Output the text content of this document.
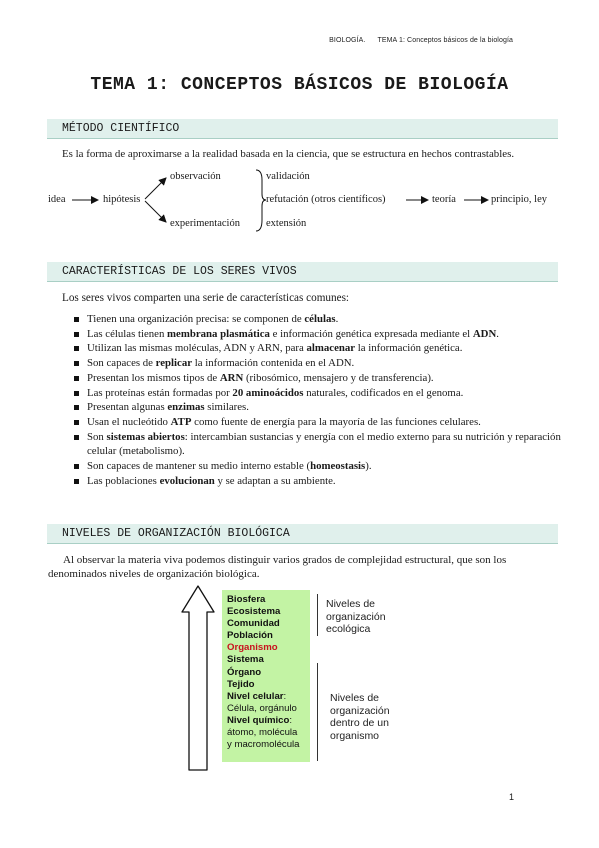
BIOLOGÍA. TEMA 1: Conceptos básicos de la biología
TEMA 1: CONCEPTOS BÁSICOS DE BIOLOGÍA
MÉTODO CIENTÍFICO
Es la forma de aproximarse a la realidad basada en la ciencia, que se estructura en hechos contrastables.
idea	hipótesis
observación
experimentación
validación
refutación (otros científicos)
extensión
teoría	principio, ley
CARACTERÍSTICAS DE LOS SERES VIVOS
Los seres vivos comparten una serie de características comunes:
Tienen una organización precisa: se componen de células.
Las células tienen membrana plasmática e información genética expresada mediante el ADN.
Utilizan las mismas moléculas, ADN y ARN, para almacenar la información genética.
Son capaces de replicar la información contenida en el ADN.
Presentan los mismos tipos de ARN (ribosómico, mensajero y de transferencia).
Las proteínas están formadas por 20 aminoácidos naturales, codificados en el genoma.
Presentan algunas enzimas similares.
Usan el nucleótido ATP como fuente de energía para la mayoría de las funciones celulares.
Son sistemas abiertos: intercambian sustancias y energía con el medio externo para su nutrición y reparación celular (metabolismo).
Son capaces de mantener su medio interno estable (homeostasis).
Las poblaciones evolucionan y se adaptan a su ambiente.
NIVELES DE ORGANIZACIÓN BIOLÓGICA
Al observar la materia viva podemos distinguir varios grados de complejidad estructural, que son los denominados niveles de organización biológica.
Biosfera
Ecosistema
Comunidad
Población
Organismo
Sistema
Órgano
Tejido
Nivel celular:
Célula, orgánulo
Nivel químico:
átomo, molécula
y macromolécula
Niveles de
organización
ecológica
Niveles de
organización
dentro de un
organismo
1
